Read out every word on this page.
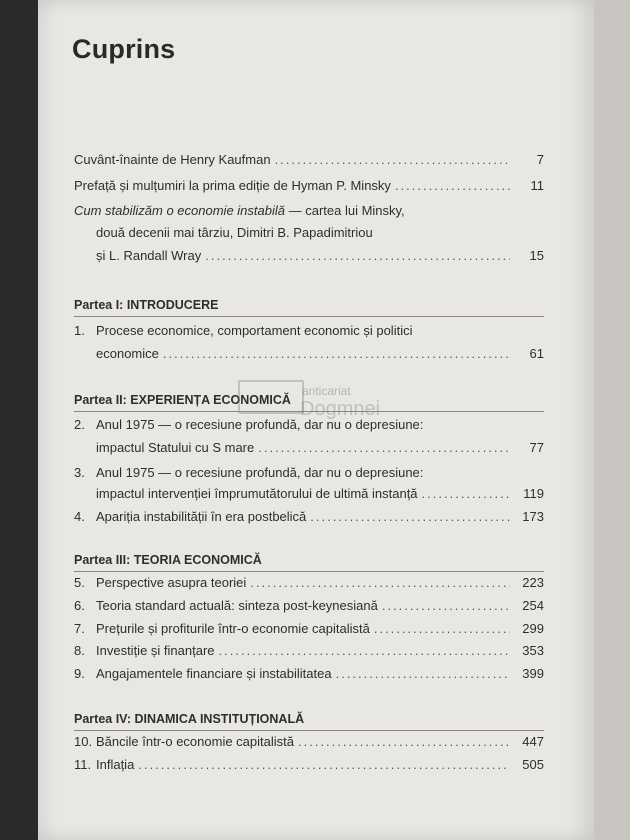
Cuprins
Cuvânt-înainte de Henry Kaufman .....	7
Prefață și mulțumiri la prima ediție de Hyman P. Minsky .....	11
Cum stabilizăm o economie instabilă — cartea lui Minsky,
două decenii mai târziu, Dimitri B. Papadimitriou
și L. Randall Wray .....	15
Partea I: INTRODUCERE
1. Procese economice, comportament economic și politici
economice .....	61
Partea II: EXPERIENȚA ECONOMICĂ
2. Anul 1975 — o recesiune profundă, dar nu o depresiune:
impactul Statului cu S mare .....	77
3. Anul 1975 — o recesiune profundă, dar nu o depresiune:
impactul intervenției împrumutătorului de ultimă instanță .....	119
4. Apariția instabilității în era postbelică .....	173
Partea III: TEORIA ECONOMICĂ
5. Perspective asupra teoriei .....	223
6. Teoria standard actuală: sinteza post-keynesiană .....	254
7. Prețurile și profiturile într-o economie capitalistă .....	299
8. Investiție și finanțare .....	353
9. Angajamentele financiare și instabilitatea .....	399
Partea IV: DINAMICA INSTITUȚIONALĂ
10. Băncile într-o economie capitalistă .....	447
11. Inflația .....	505
anticariat
Dogmnei
